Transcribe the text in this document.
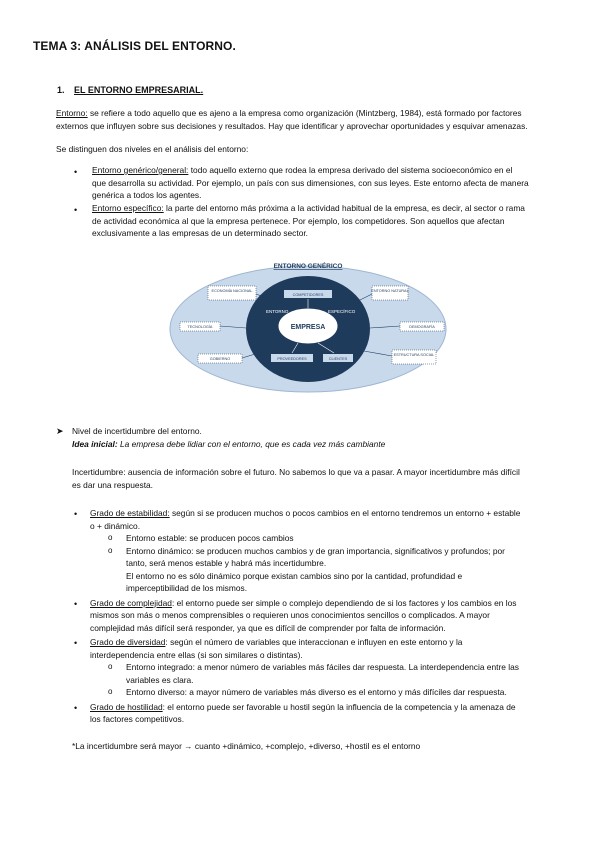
TEMA 3: ANÁLISIS DEL ENTORNO.
1. EL ENTORNO EMPRESARIAL.
Entorno: se refiere a todo aquello que es ajeno a la empresa como organización (Mintzberg, 1984), está formado por factores
externos que influyen sobre sus decisiones y resultados. Hay que identificar y aprovechar oportunidades y esquivar amenazas.
Se distinguen dos niveles en el análisis del entorno:
• Entorno genérico/general: todo aquello externo que rodea la empresa derivado del sistema socioeconómico en el
que desarrolla su actividad. Por ejemplo, un país con sus dimensiones, con sus leyes. Este entorno afecta de manera
genérica a todos los agentes.
• Entorno específico: la parte del entorno más próxima a la actividad habitual de la empresa, es decir, al sector o rama
de actividad económica al que la empresa pertenece. Por ejemplo, los competidores. Son aquellos que afectan
exclusivamente a las empresas de un determinado sector.
ENTORNO GENÉRICO
EMPRESA
ENTORNO	ESPECÍFICO
COMPETIDORES
PROVEEDORES	CLIENTES
ECONOMÍA NACIONAL
TECNOLOGÍA
GOBIERNO
ENTORNO NATURAL
DEMOGRAFÍA
ESTRUCTURA SOCIAL
➤ Nivel de incertidumbre del entorno.
Idea inicial: La empresa debe lidiar con el entorno, que es cada vez más cambiante
Incertidumbre: ausencia de información sobre el futuro. No sabemos lo que va a pasar. A mayor incertidumbre más difícil
es dar una respuesta.
• Grado de estabilidad: según si se producen muchos o pocos cambios en el entorno tendremos un entorno + estable
o + dinámico.
o Entorno estable: se producen pocos cambios
o Entorno dinámico: se producen muchos cambios y de gran importancia, significativos y profundos; por
tanto, será menos estable y habrá más incertidumbre.
El entorno no es sólo dinámico porque existan cambios sino por la cantidad, profundidad e
imperceptibilidad de los mismos.
• Grado de complejidad: el entorno puede ser simple o complejo dependiendo de si los factores y los cambios en los
mismos son más o menos comprensibles o requieren unos conocimientos sencillos o complicados. A mayor
complejidad más difícil será responder, ya que es difícil de comprender por falta de información.
• Grado de diversidad: según el número de variables que interaccionan e influyen en este entorno y la
interdependencia entre ellas (si son similares o distintas).
o Entorno integrado: a menor número de variables más fáciles dar respuesta. La interdependencia entre las
variables es clara.
o Entorno diverso: a mayor número de variables más diverso es el entorno y más difíciles dar respuesta.
• Grado de hostilidad: el entorno puede ser favorable u hostil según la influencia de la competencia y la amenaza de
los factores competitivos.
*La incertidumbre será mayor → cuanto +dinámico, +complejo, +diverso, +hostil es el entorno
